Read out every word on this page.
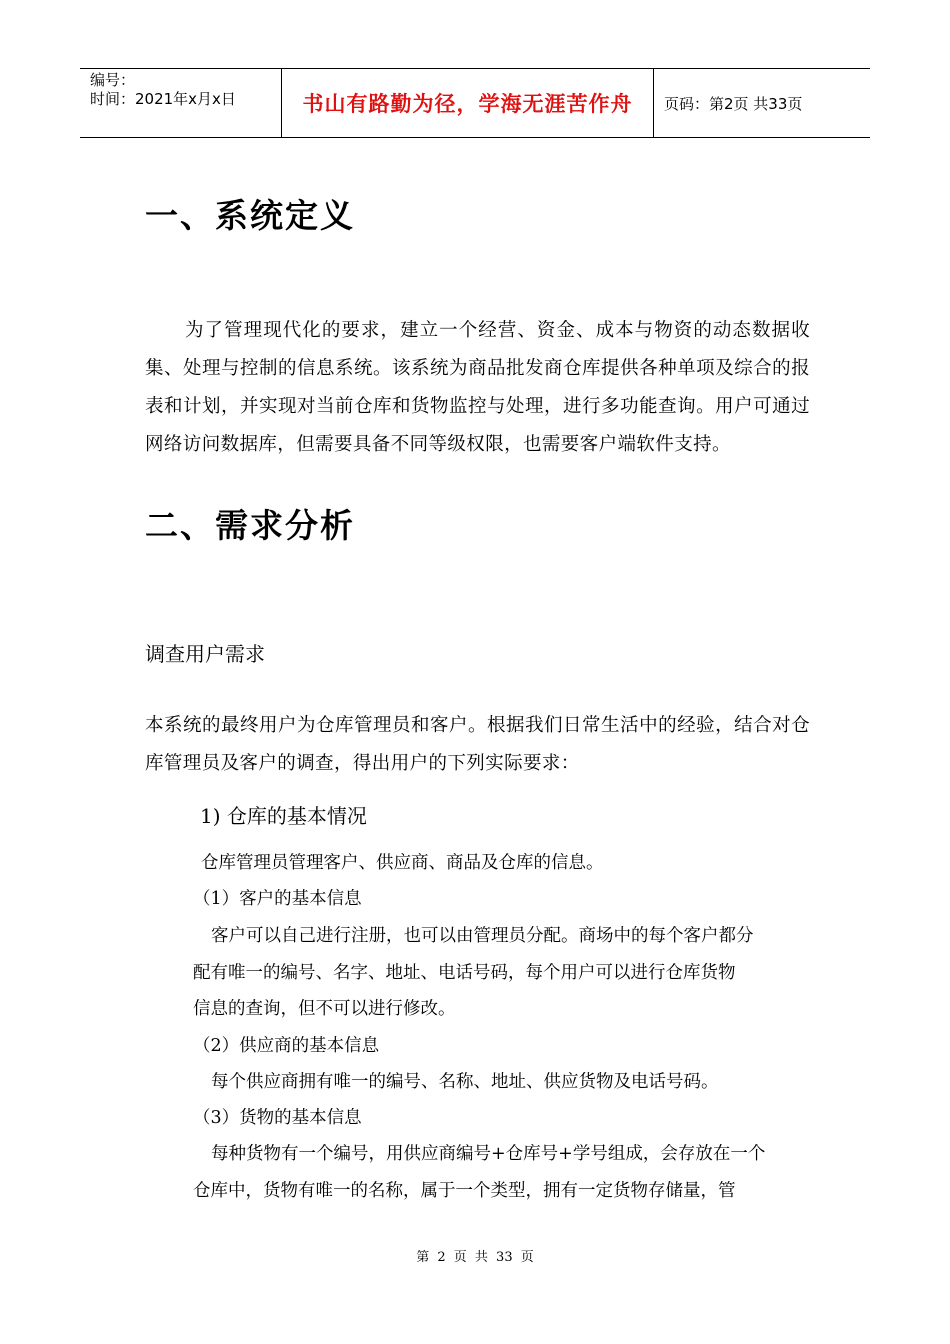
编号：
时间：2021年x月x日	书山有路勤为径，学海无涯苦作舟	页码：第2页 共33页
一、系统定义
为了管理现代化的要求，建立一个经营、资金、成本与物资的动态数据收集、处理与控制的信息系统。该系统为商品批发商仓库提供各种单项及综合的报表和计划，并实现对当前仓库和货物监控与处理，进行多功能查询。用户可通过网络访问数据库，但需要具备不同等级权限，也需要客户端软件支持。
二、需求分析
调查用户需求
本系统的最终用户为仓库管理员和客户。根据我们日常生活中的经验，结合对仓库管理员及客户的调查，得出用户的下列实际要求：
1) 仓库的基本情况
仓库管理员管理客户、供应商、商品及仓库的信息。
（1）客户的基本信息
客户可以自己进行注册，也可以由管理员分配。商场中的每个客户都分
配有唯一的编号、名字、地址、电话号码，每个用户可以进行仓库货物
信息的查询，但不可以进行修改。
（2）供应商的基本信息
每个供应商拥有唯一的编号、名称、地址、供应货物及电话号码。
（3）货物的基本信息
每种货物有一个编号，用供应商编号+仓库号+学号组成，会存放在一个
仓库中，货物有唯一的名称，属于一个类型，拥有一定货物存储量，管
第 2 页 共 33 页
